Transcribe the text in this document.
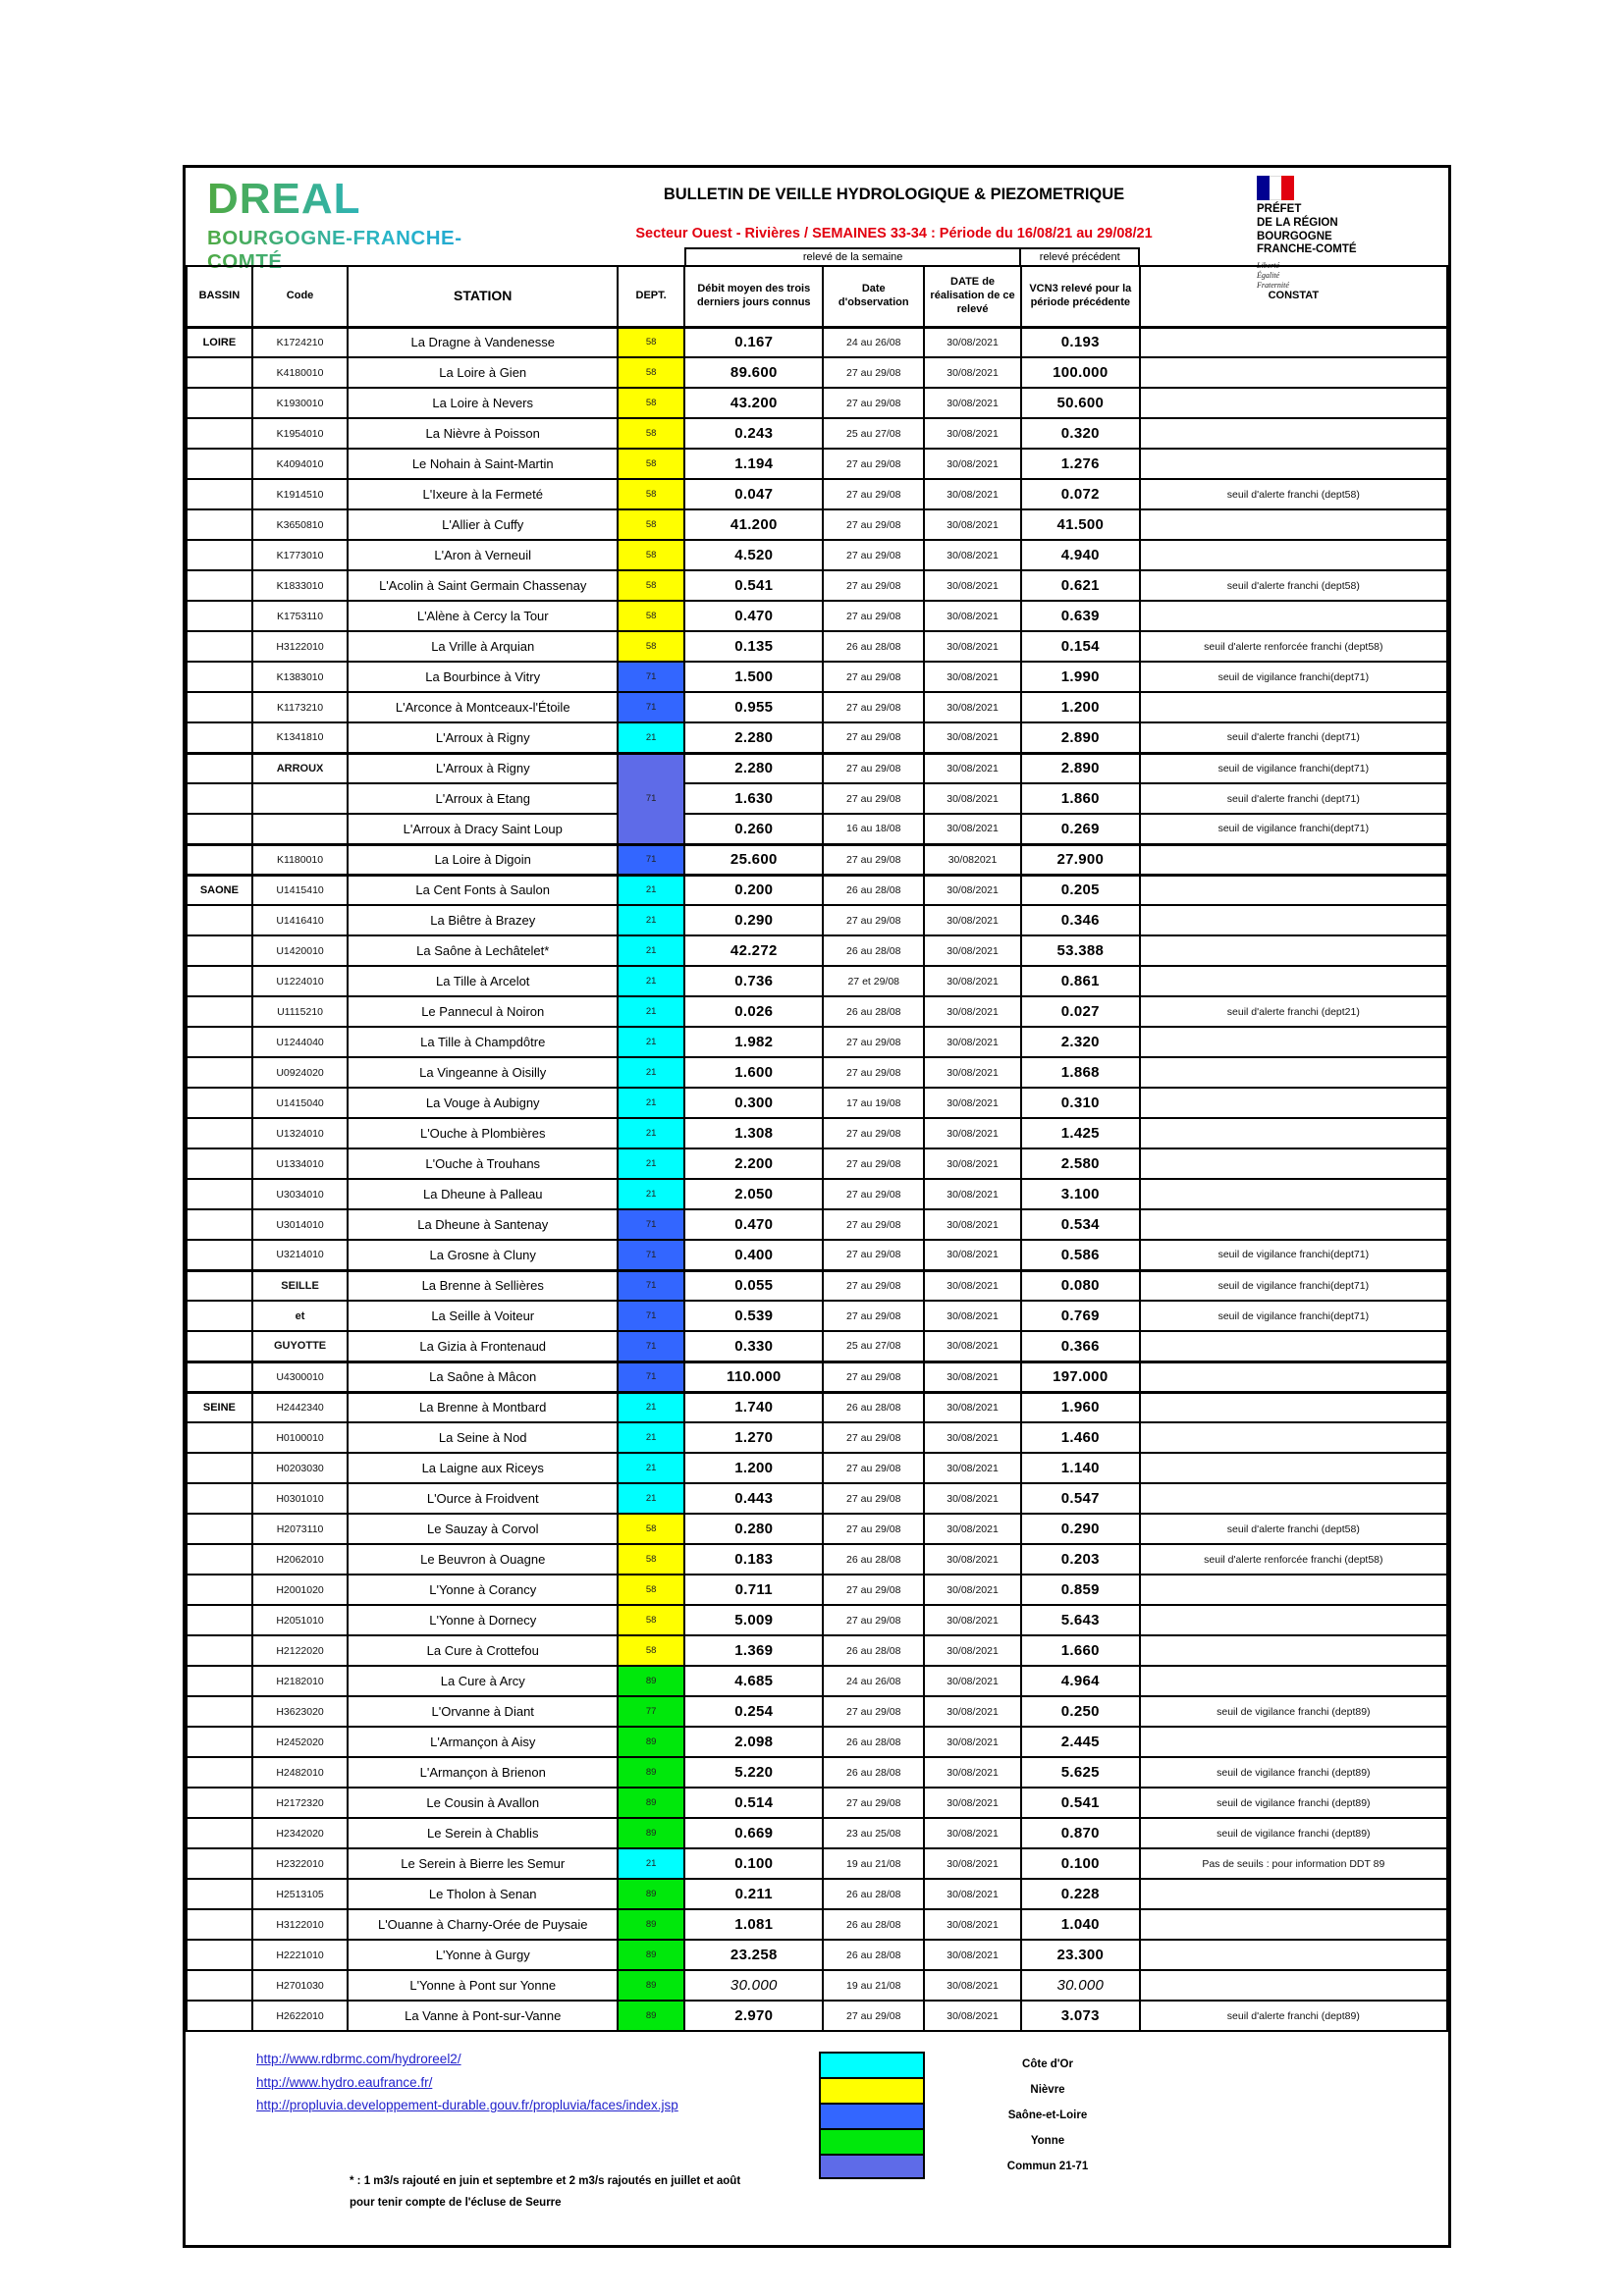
DREAL
BOURGOGNE-FRANCHE-COMTÉ
BULLETIN DE VEILLE HYDROLOGIQUE & PIEZOMETRIQUE
Secteur Ouest - Rivières / SEMAINES 33-34 : Période du 16/08/21 au 29/08/21
PRÉFET
DE LA RÉGION
BOURGOGNE
FRANCHE-COMTÉ
Liberté
Égalité
Fraternité
relevé de la semaine	relevé précédent
BASSIN	Code	STATION	DEPT.	Débit moyen des trois derniers jours connus	Date d'observation	DATE de réalisation de ce relevé	VCN3 relevé pour la période précédente	CONSTAT
LOIRE	K1724210	La Dragne à Vandenesse	58	0.167	24 au 26/08	30/08/2021	0.193	
	K4180010	La Loire à Gien	58	89.600	27 au 29/08	30/08/2021	100.000	
	K1930010	La Loire à Nevers	58	43.200	27 au 29/08	30/08/2021	50.600	
	K1954010	La Nièvre à Poisson	58	0.243	25 au 27/08	30/08/2021	0.320	
	K4094010	Le Nohain à Saint-Martin	58	1.194	27 au 29/08	30/08/2021	1.276	
	K1914510	L'Ixeure à la Fermeté	58	0.047	27 au 29/08	30/08/2021	0.072	seuil d'alerte franchi (dept58)
	K3650810	L'Allier à Cuffy	58	41.200	27 au 29/08	30/08/2021	41.500	
	K1773010	L'Aron à Verneuil	58	4.520	27 au 29/08	30/08/2021	4.940	
	K1833010	L'Acolin à Saint Germain Chassenay	58	0.541	27 au 29/08	30/08/2021	0.621	seuil d'alerte franchi (dept58)
	K1753110	L'Alène à Cercy la Tour	58	0.470	27 au 29/08	30/08/2021	0.639	
	H3122010	La Vrille à Arquian	58	0.135	26 au 28/08	30/08/2021	0.154	seuil d'alerte renforcée franchi (dept58)
	K1383010	La Bourbince à Vitry	71	1.500	27 au 29/08	30/08/2021	1.990	seuil de vigilance franchi(dept71)
	K1173210	L'Arconce à Montceaux-l'Étoile	71	0.955	27 au 29/08	30/08/2021	1.200	
	K1341810	L'Arroux à Rigny	21	2.280	27 au 29/08	30/08/2021	2.890	seuil d'alerte franchi (dept71)
	ARROUX	L'Arroux à Rigny	71	2.280	27 au 29/08	30/08/2021	2.890	seuil de vigilance franchi(dept71)
		L'Arroux à Etang		1.630	27 au 29/08	30/08/2021	1.860	seuil d'alerte franchi (dept71)
		L'Arroux à Dracy Saint Loup		0.260	16 au 18/08	30/08/2021	0.269	seuil de vigilance franchi(dept71)
	K1180010	La Loire à Digoin	71	25.600	27 au 29/08	30/082021	27.900	
SAONE	U1415410	La Cent Fonts à Saulon	21	0.200	26 au 28/08	30/08/2021	0.205	
	U1416410	La Biêtre à Brazey	21	0.290	27 au 29/08	30/08/2021	0.346	
	U1420010	La Saône à Lechâtelet*	21	42.272	26 au 28/08	30/08/2021	53.388	
	U1224010	La Tille à Arcelot	21	0.736	27 et 29/08	30/08/2021	0.861	
	U1115210	Le Pannecul à Noiron	21	0.026	26 au 28/08	30/08/2021	0.027	seuil d'alerte franchi (dept21)
	U1244040	La Tille à Champdôtre	21	1.982	27 au 29/08	30/08/2021	2.320	
	U0924020	La Vingeanne à Oisilly	21	1.600	27 au 29/08	30/08/2021	1.868	
	U1415040	La Vouge à Aubigny	21	0.300	17 au 19/08	30/08/2021	0.310	
	U1324010	L'Ouche à Plombières	21	1.308	27 au 29/08	30/08/2021	1.425	
	U1334010	L'Ouche à Trouhans	21	2.200	27 au 29/08	30/08/2021	2.580	
	U3034010	La Dheune à Palleau	21	2.050	27 au 29/08	30/08/2021	3.100	
	U3014010	La Dheune à Santenay	71	0.470	27 au 29/08	30/08/2021	0.534	
	U3214010	La Grosne à Cluny	71	0.400	27 au 29/08	30/08/2021	0.586	seuil de vigilance franchi(dept71)
	SEILLE	La Brenne à Sellières	71	0.055	27 au 29/08	30/08/2021	0.080	seuil de vigilance franchi(dept71)
	et	La Seille à Voiteur	71	0.539	27 au 29/08	30/08/2021	0.769	seuil de vigilance franchi(dept71)
	GUYOTTE	La Gizia à Frontenaud	71	0.330	25 au 27/08	30/08/2021	0.366	
	U4300010	La Saône à Mâcon	71	110.000	27 au 29/08	30/08/2021	197.000	
SEINE	H2442340	La Brenne à Montbard	21	1.740	26 au 28/08	30/08/2021	1.960	
	H0100010	La Seine à Nod	21	1.270	27 au 29/08	30/08/2021	1.460	
	H0203030	La Laigne aux Riceys	21	1.200	27 au 29/08	30/08/2021	1.140	
	H0301010	L'Ource à Froidvent	21	0.443	27 au 29/08	30/08/2021	0.547	
	H2073110	Le Sauzay à Corvol	58	0.280	27 au 29/08	30/08/2021	0.290	seuil d'alerte franchi (dept58)
	H2062010	Le Beuvron à Ouagne	58	0.183	26 au 28/08	30/08/2021	0.203	seuil d'alerte renforcée franchi (dept58)
	H2001020	L'Yonne à Corancy	58	0.711	27 au 29/08	30/08/2021	0.859	
	H2051010	L'Yonne à Dornecy	58	5.009	27 au 29/08	30/08/2021	5.643	
	H2122020	La Cure à Crottefou	58	1.369	26 au 28/08	30/08/2021	1.660	
	H2182010	La Cure à Arcy	89	4.685	24 au 26/08	30/08/2021	4.964	
	H3623020	L'Orvanne à Diant	77	0.254	27 au 29/08	30/08/2021	0.250	seuil de vigilance franchi (dept89)
	H2452020	L'Armançon à Aisy	89	2.098	26 au 28/08	30/08/2021	2.445	
	H2482010	L'Armançon à Brienon	89	5.220	26 au 28/08	30/08/2021	5.625	seuil de vigilance franchi (dept89)
	H2172320	Le Cousin à Avallon	89	0.514	27 au 29/08	30/08/2021	0.541	seuil de vigilance franchi (dept89)
	H2342020	Le Serein à Chablis	89	0.669	23 au 25/08	30/08/2021	0.870	seuil de vigilance franchi (dept89)
	H2322010	Le Serein à Bierre les Semur	21	0.100	19 au 21/08	30/08/2021	0.100	Pas de seuils : pour information DDT 89
	H2513105	Le Tholon à Senan	89	0.211	26 au 28/08	30/08/2021	0.228	
	H3122010	L'Ouanne à Charny-Orée de Puysaie	89	1.081	26 au 28/08	30/08/2021	1.040	
	H2221010	L'Yonne à Gurgy	89	23.258	26 au 28/08	30/08/2021	23.300	
	H2701030	L'Yonne à Pont sur Yonne	89	30.000	19 au 21/08	30/08/2021	30.000	
	H2622010	La Vanne à Pont-sur-Vanne	89	2.970	27 au 29/08	30/08/2021	3.073	seuil d'alerte franchi (dept89)
http://www.rdbrmc.com/hydroreel2/
http://www.hydro.eaufrance.fr/
http://propluvia.developpement-durable.gouv.fr/propluvia/faces/index.jsp
Côte d'Or
Nièvre
Saône-et-Loire
Yonne
Commun 21-71
* : 1 m3/s rajouté en juin et septembre et 2 m3/s rajoutés en juillet et août
pour tenir compte de l'écluse de Seurre
